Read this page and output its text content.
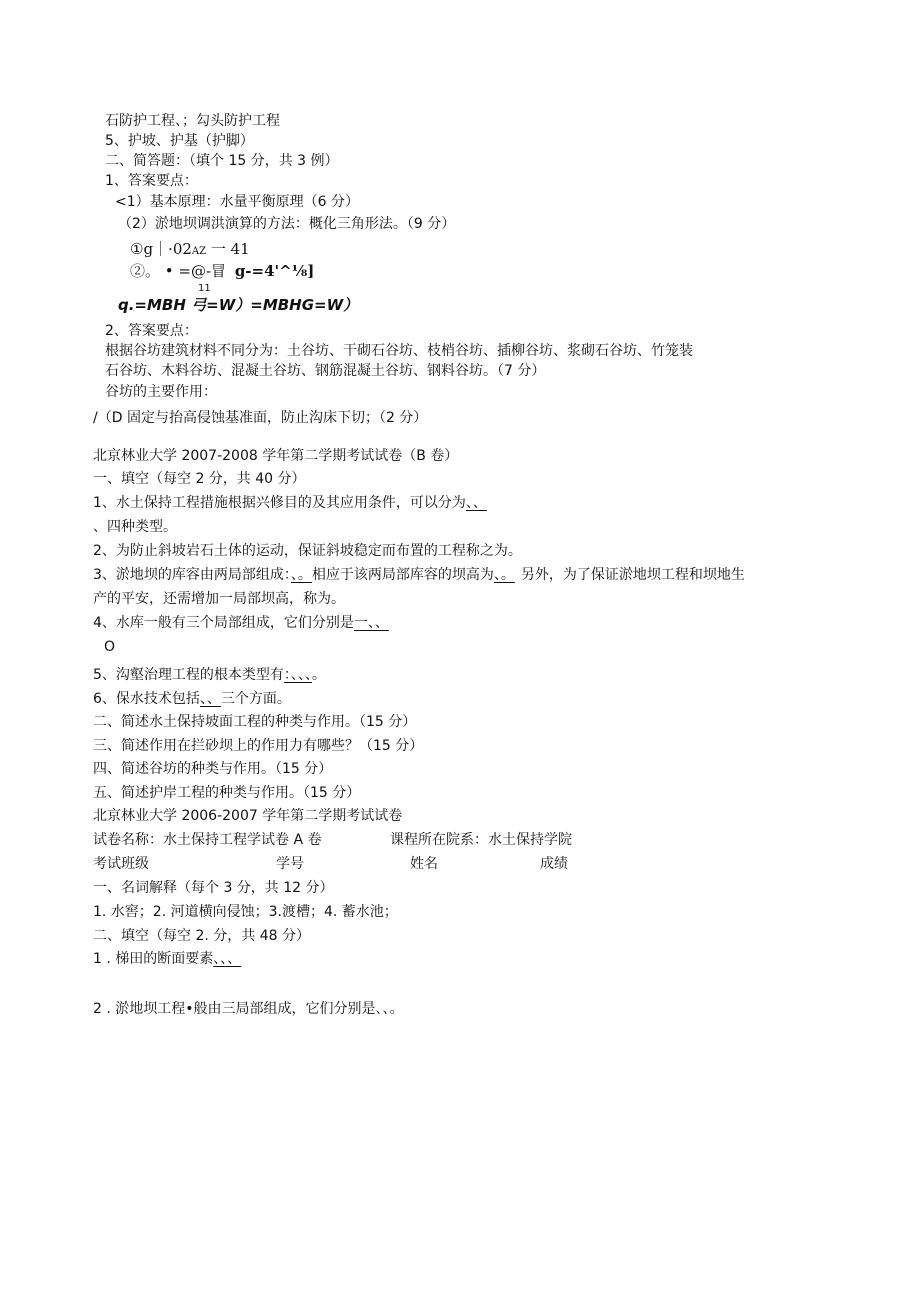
石防护工程、；勾头防护工程
5、护坡、护基（护脚）
二、简答题：（填个 15 分，共 3 例）
1、答案要点：
<1）基本原理：水量平衡原理（6 分）
（2）淤地坝调洪演算的方法：概化三角形法。（9 分）
①g｜·02AZ 一 41
②。 • =@-冒 g-=4'^⅛]
11
q.=MBH 弓=W）=MBHG=W）
2、答案要点：
根据谷坊建筑材料不同分为：土谷坊、干砌石谷坊、枝梢谷坊、插柳谷坊、浆砌石谷坊、竹笼装
石谷坊、木料谷坊、混凝土谷坊、钢筋混凝土谷坊、钢料谷坊。（7 分）
谷坊的主要作用：
/（D 固定与抬高侵蚀基准面，防止沟床下切；（2 分）
北京林业大学 2007-2008 学年第二学期考试试卷（B 卷）
一、填空（每空 2 分，共 40 分）
1、水土保持工程措施根据兴修目的及其应用条件，可以分为、、
、四种类型。
2、为防止斜坡岩石土体的运动，保证斜坡稳定而布置的工程称之为。
3、淤地坝的库容由两局部组成：、。相应于该两局部库容的坝高为、。 另外，为了保证淤地坝工程和坝地生
产的平安，还需增加一局部坝高，称为。
4、水库一般有三个局部组成，它们分别是一、、
O
5、沟壑治理工程的根本类型有：、、、。
6、保水技术包括、、三个方面。
二、简述水土保持坡面工程的种类与作用。（15 分）
三、简述作用在拦砂坝上的作用力有哪些？（15 分）
四、简述谷坊的种类与作用。（15 分）
五、简述护岸工程的种类与作用。（15 分）
北京林业大学 2006-2007 学年第二学期考试试卷
试卷名称：水土保持工程学试卷 A 卷	课程所在院系：水土保持学院
考试班级	学号	姓名	成绩
一、名词解释（每个 3 分，共 12 分）
1. 水窖；2. 河道横向侵蚀；3.渡槽；4. 蓄水池；
二、填空（每空 2. 分，共 48 分）
1 . 梯田的断面要素、、、
2 . 淤地坝工程•般由三局部组成，它们分别是、、。
